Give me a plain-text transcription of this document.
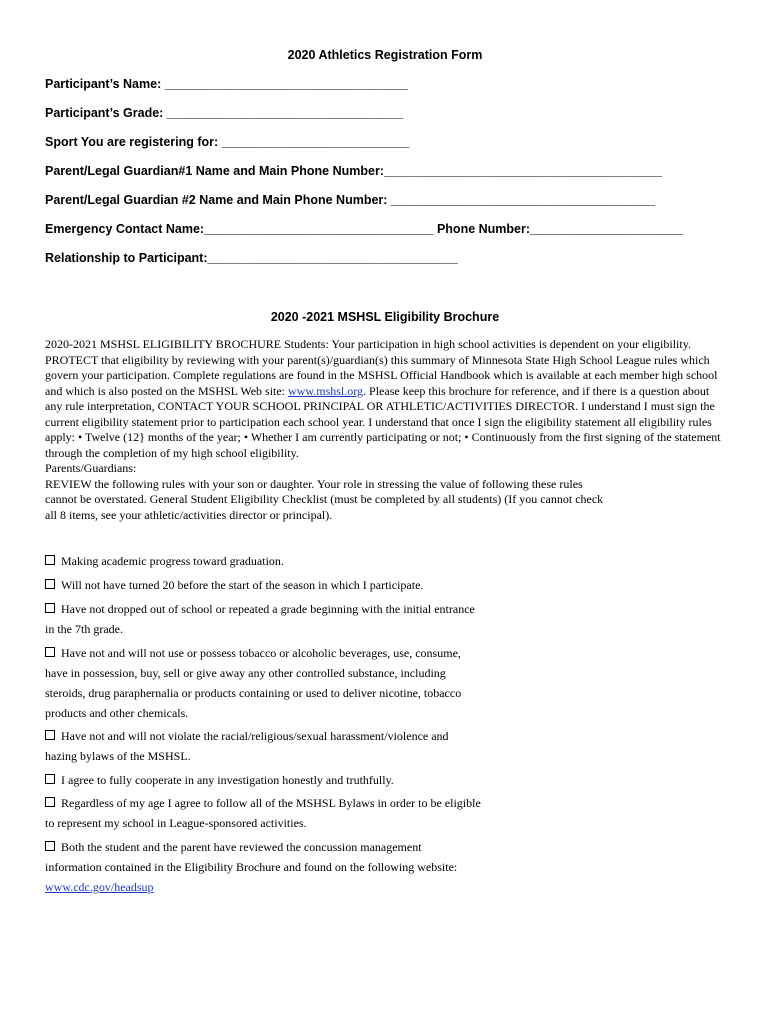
2020 Athletics Registration Form
Participant’s Name: ___________________________________
Participant’s Grade: __________________________________
Sport You are registering for: ___________________________
Parent/Legal Guardian#1 Name and Main Phone Number:________________________________________
Parent/Legal Guardian #2 Name and Main Phone Number: ______________________________________
Emergency Contact Name:_________________________________ Phone Number:______________________
Relationship to Participant:____________________________________
2020 -2021 MSHSL Eligibility Brochure

2020-2021 MSHSL ELIGIBILITY BROCHURE Students: Your participation in high school activities is dependent on your eligibility. PROTECT that eligibility by reviewing with your parent(s)/guardian(s) this summary of Minnesota State High School League rules which govern your participation. Complete regulations are found in the MSHSL Official Handbook which is available at each member high school

and which is also posted on the MSHSL Web site: www.mshsl.org. Please keep this brochure for reference, and if there is a question about any rule interpretation, CONTACT YOUR SCHOOL PRINCIPAL OR ATHLETIC/ACTIVITIES DIRECTOR. I understand I must sign the current eligibility statement prior to participation each school year. I understand that once I sign the eligibility statement all eligibility rules

apply: • Twelve (12} months of the year; • Whether I am currently participating or not; • Continuously from the first signing of the statement through the completion of my high school eligibility.

Parents/Guardians:

REVIEW the following rules with your son or daughter. Your role in stressing the value of following these rules cannot be overstated. General Student Eligibility Checklist (must be completed by all students) (If you cannot check all 8 items, see your athletic/activities director or principal).

Making academic progress toward graduation.
Will not have turned 20 before the start of the season in which I participate.
Have not dropped out of school or repeated a grade beginning with the initial entrance
in the 7th grade.
Have not and will not use or possess tobacco or alcoholic beverages, use, consume,
have in possession, buy, sell or give away any other controlled substance, including
steroids, drug paraphernalia or products containing or used to deliver nicotine, tobacco
products and other chemicals.
Have not and will not violate the racial/religious/sexual harassment/violence and
hazing bylaws of the MSHSL.
I agree to fully cooperate in any investigation honestly and truthfully.
Regardless of my age I agree to follow all of the MSHSL Bylaws in order to be eligible
to represent my school in League-sponsored activities.
Both the student and the parent have reviewed the concussion management
information contained in the Eligibility Brochure and found on the following website:
www.cdc.gov/headsup
